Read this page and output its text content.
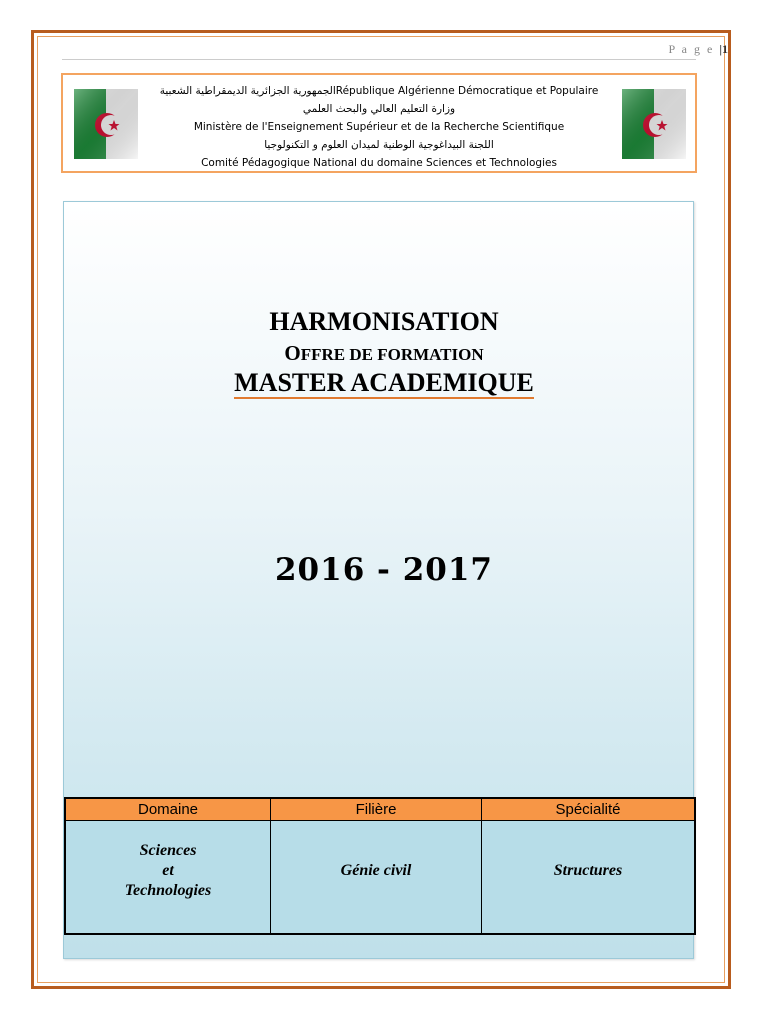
P a g e |1
الجمهورية الجزائرية الديمقراطية الشعبيةRépublique Algérienne Démocratique et Populaire
وزارة التعليم العالي والبحث العلمي
Ministère de l'Enseignement Supérieur et de la Recherche Scientifique
اللجنة البيداغوجية الوطنية لميدان العلوم و التكنولوجيا
Comité Pédagogique National du domaine Sciences et Technologies
HARMONISATION
OFFRE DE FORMATION
MASTER ACADEMIQUE
2016 - 2017
Domaine	Filière	Spécialité

Sciences
et
Technologies	Génie civil	Structures
